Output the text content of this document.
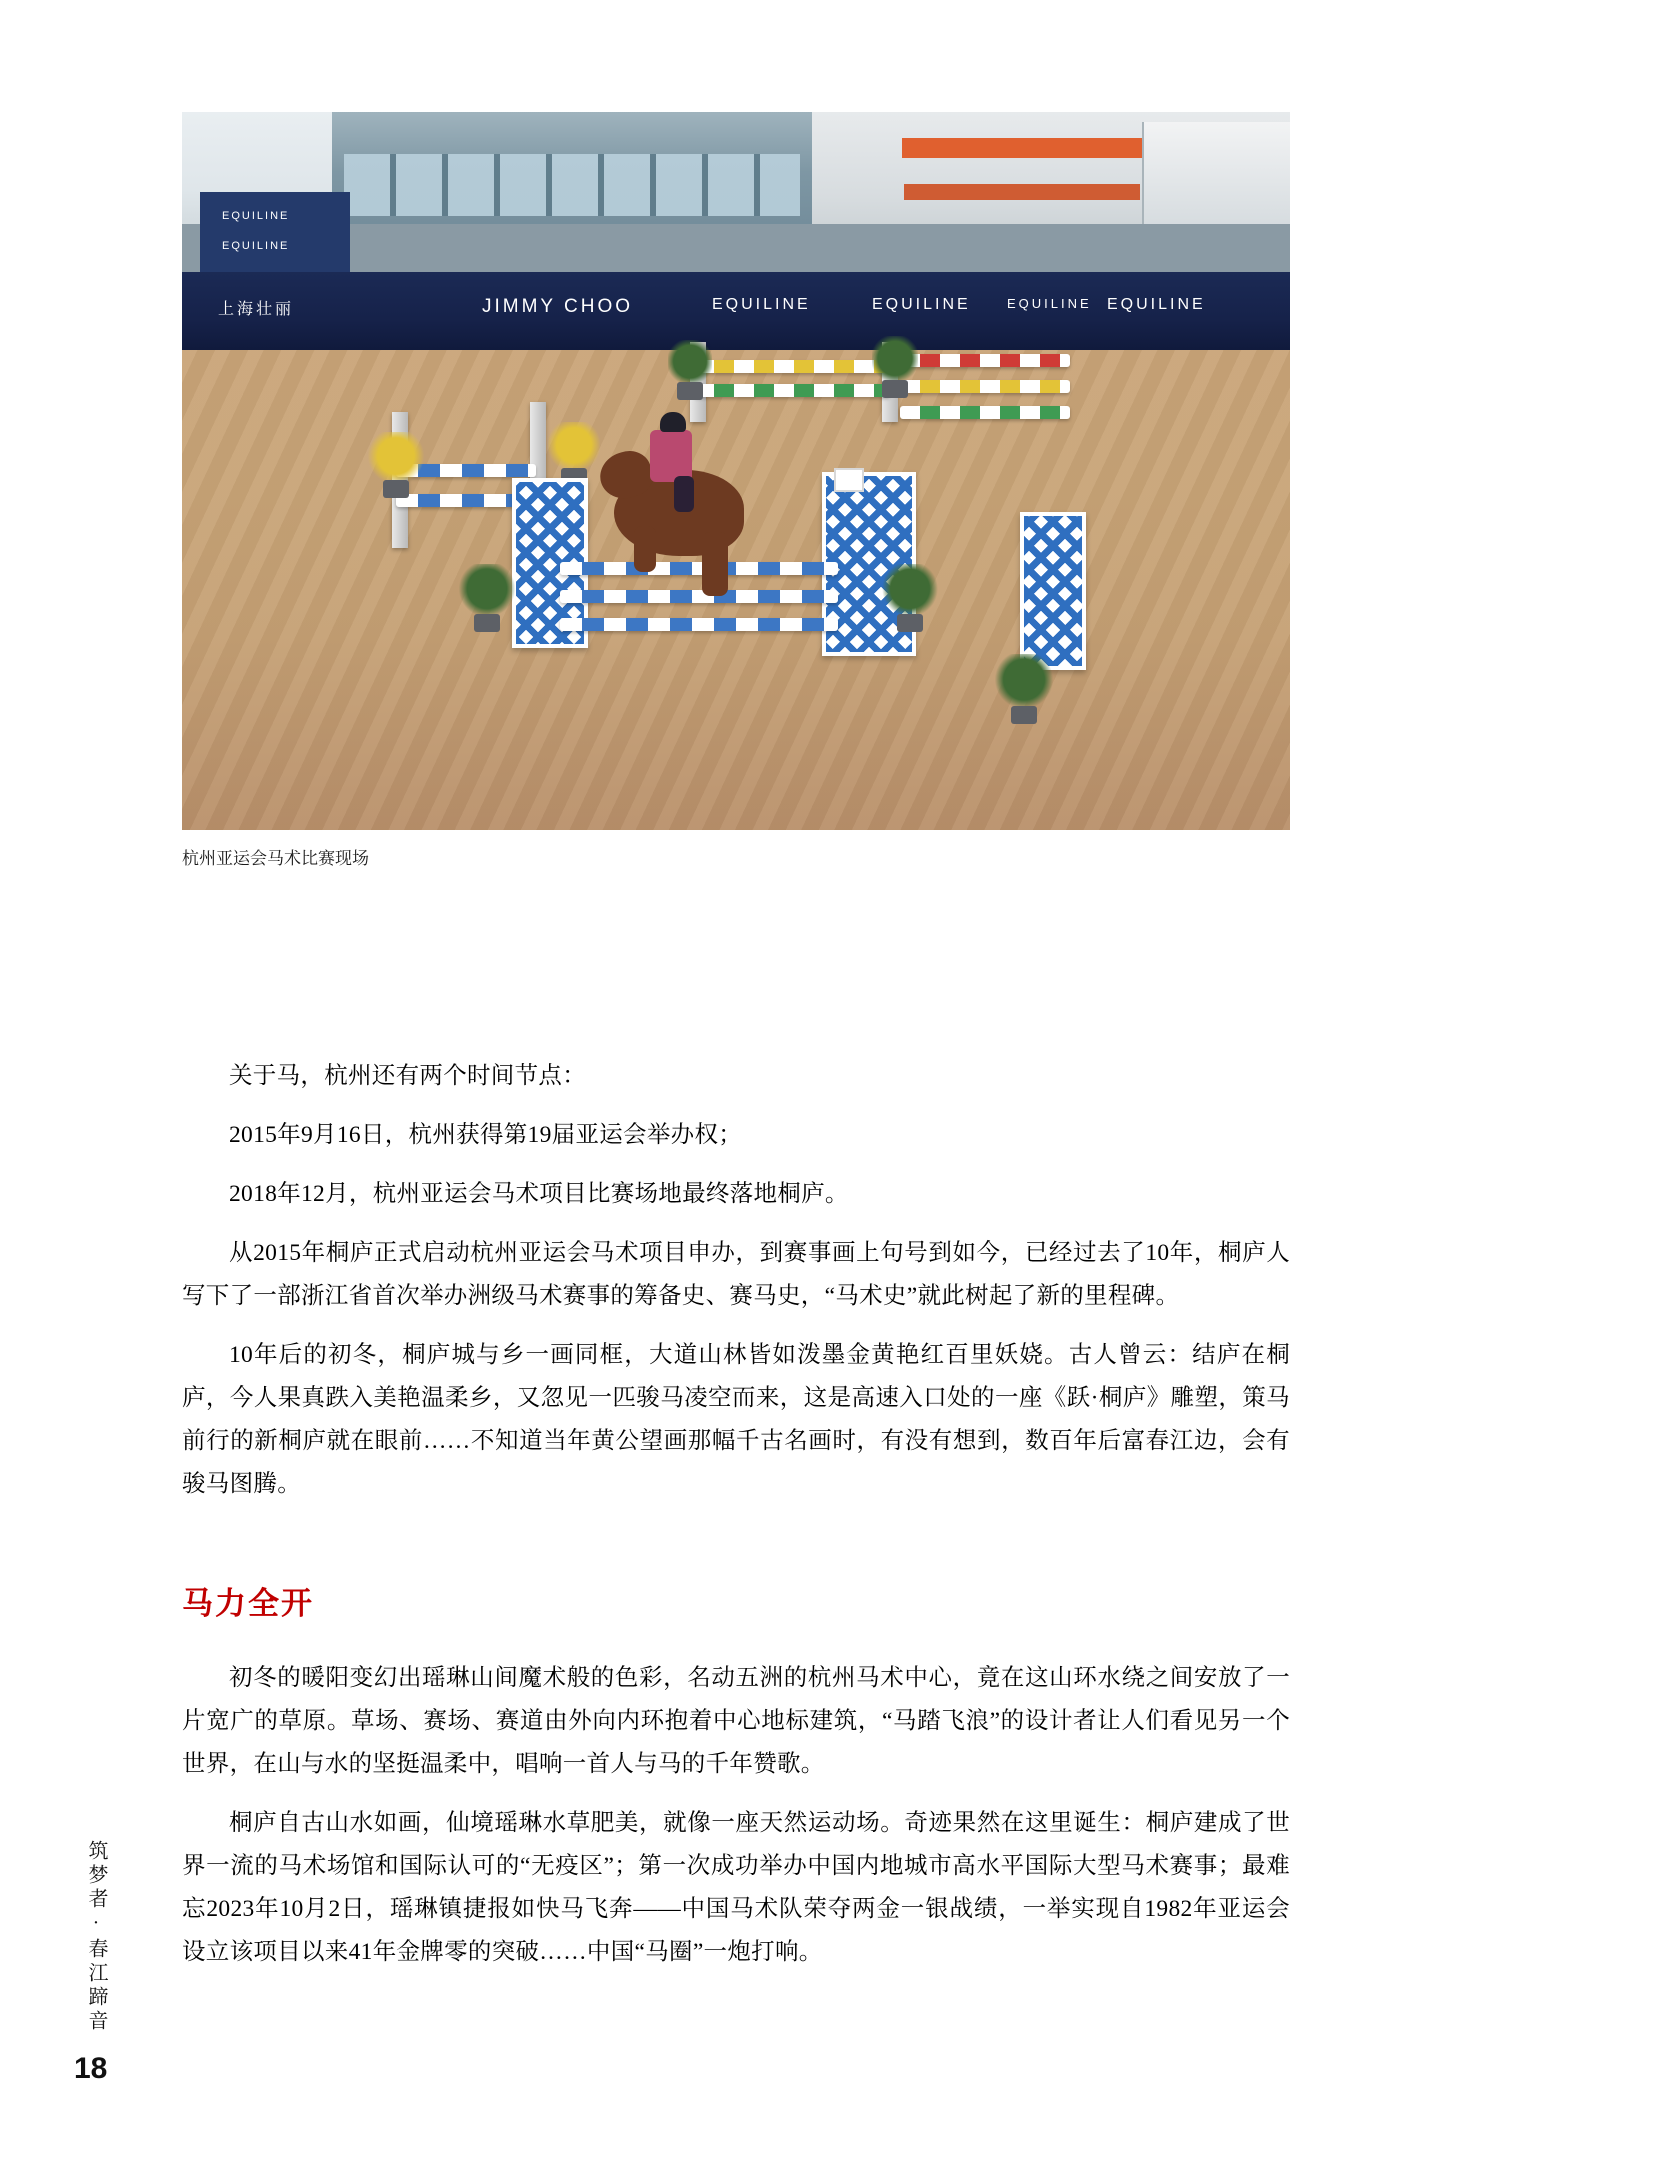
EQUILINE
EQUILINE
上海壮丽	JIMMY CHOO	EQUILINE	EQUILINE	EQUILINE EQUILINE
杭州亚运会马术比赛现场

关于马，杭州还有两个时间节点：

2015年9月16日，杭州获得第19届亚运会举办权；

2018年12月，杭州亚运会马术项目比赛场地最终落地桐庐。

从2015年桐庐正式启动杭州亚运会马术项目申办，到赛事画上句号到如今，已经过去了10年，桐庐人写下了一部浙江省首次举办洲级马术赛事的筹备史、赛马史，“马术史”就此树起了新的里程碑。

10年后的初冬，桐庐城与乡一画同框，大道山林皆如泼墨金黄艳红百里妖娆。古人曾云：结庐在桐庐，今人果真跌入美艳温柔乡，又忽见一匹骏马凌空而来，这是高速入口处的一座《跃·桐庐》雕塑，策马前行的新桐庐就在眼前……不知道当年黄公望画那幅千古名画时，有没有想到，数百年后富春江边，会有骏马图腾。

马力全开

初冬的暖阳变幻出瑶琳山间魔术般的色彩，名动五洲的杭州马术中心，竟在这山环水绕之间安放了一片宽广的草原。草场、赛场、赛道由外向内环抱着中心地标建筑，“马踏飞浪”的设计者让人们看见另一个世界，在山与水的坚挺温柔中，唱响一首人与马的千年赞歌。

桐庐自古山水如画，仙境瑶琳水草肥美，就像一座天然运动场。奇迹果然在这里诞生：桐庐建成了世界一流的马术场馆和国际认可的“无疫区”；第一次成功举办中国内地城市高水平国际大型马术赛事；最难忘2023年10月2日，瑶琳镇捷报如快马飞奔——中国马术队荣夺两金一银战绩，一举实现自1982年亚运会设立该项目以来41年金牌零的突破……中国“马圈”一炮打响。

筑梦者·春江蹄音
18
